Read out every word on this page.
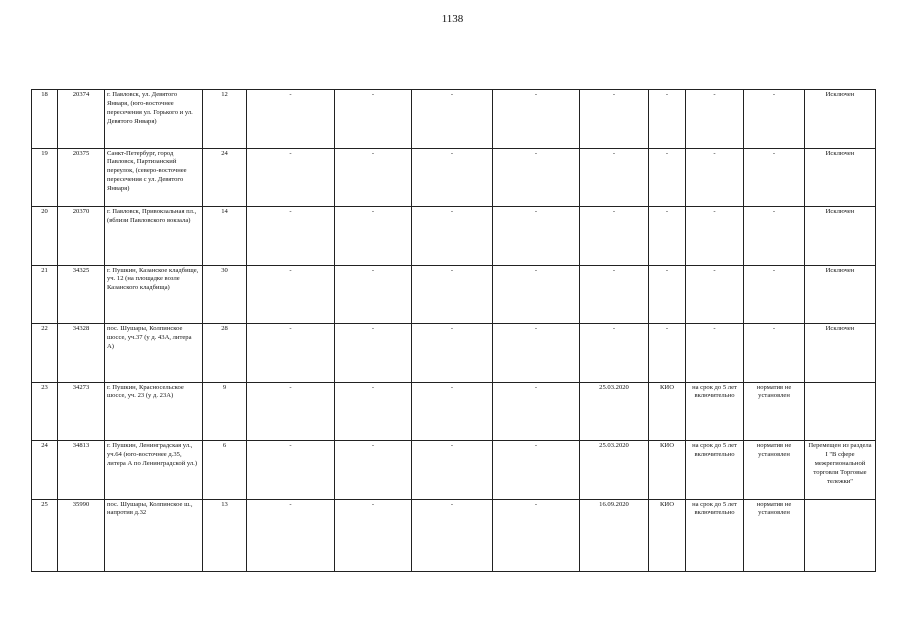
1138
18	20374	г. Павловск, ул. Девятого Января, (юго-восточнее пересечения ул. Горького и ул. Девятого Января)	12	-	-	-	-	-	-	-	-	Исключен
19	20375	Санкт-Петербург, город Павловск, Партизанский переулок, (северо-восточнее пересечения с ул. Девятого Января)	24	-	-	-	-	-	-	-	-	Исключен
20	20370	г. Павловск, Привокзальная пл., (вблизи Павловского вокзала)	14	-	-	-	-	-	-	-	-	Исключен
21	34325	г. Пушкин, Казанское кладбище, уч. 12 (на площадке возле Казанского кладбища)	30	-	-	-	-	-	-	-	-	Исключен
22	34328	пос. Шушары, Колпинское шоссе, уч.37 (у д. 43А, литера А)	28	-	-	-	-	-	-	-	-	Исключен
23	34273	г. Пушкин, Красносельское шоссе, уч. 23 (у д. 23А)	9	-	-	-	-	25.03.2020	КИО	на срок до 5 лет включительно	норматив не установлен	
24	34813	г. Пушкин, Ленинградская ул., уч.64 (юго-восточнее д.35, литера А по Ленинградской ул.)	6	-	-	-	-	25.03.2020	КИО	на срок до 5 лет включительно	норматив не установлен	Перемещен из раздела I "В сфере межрегиональной торговли Торговые тележки"
25	35990	пос. Шушары, Колпинское ш., напротив д.32	13	-	-	-	-	16.09.2020	КИО	на срок до 5 лет включительно	норматив не установлен	
